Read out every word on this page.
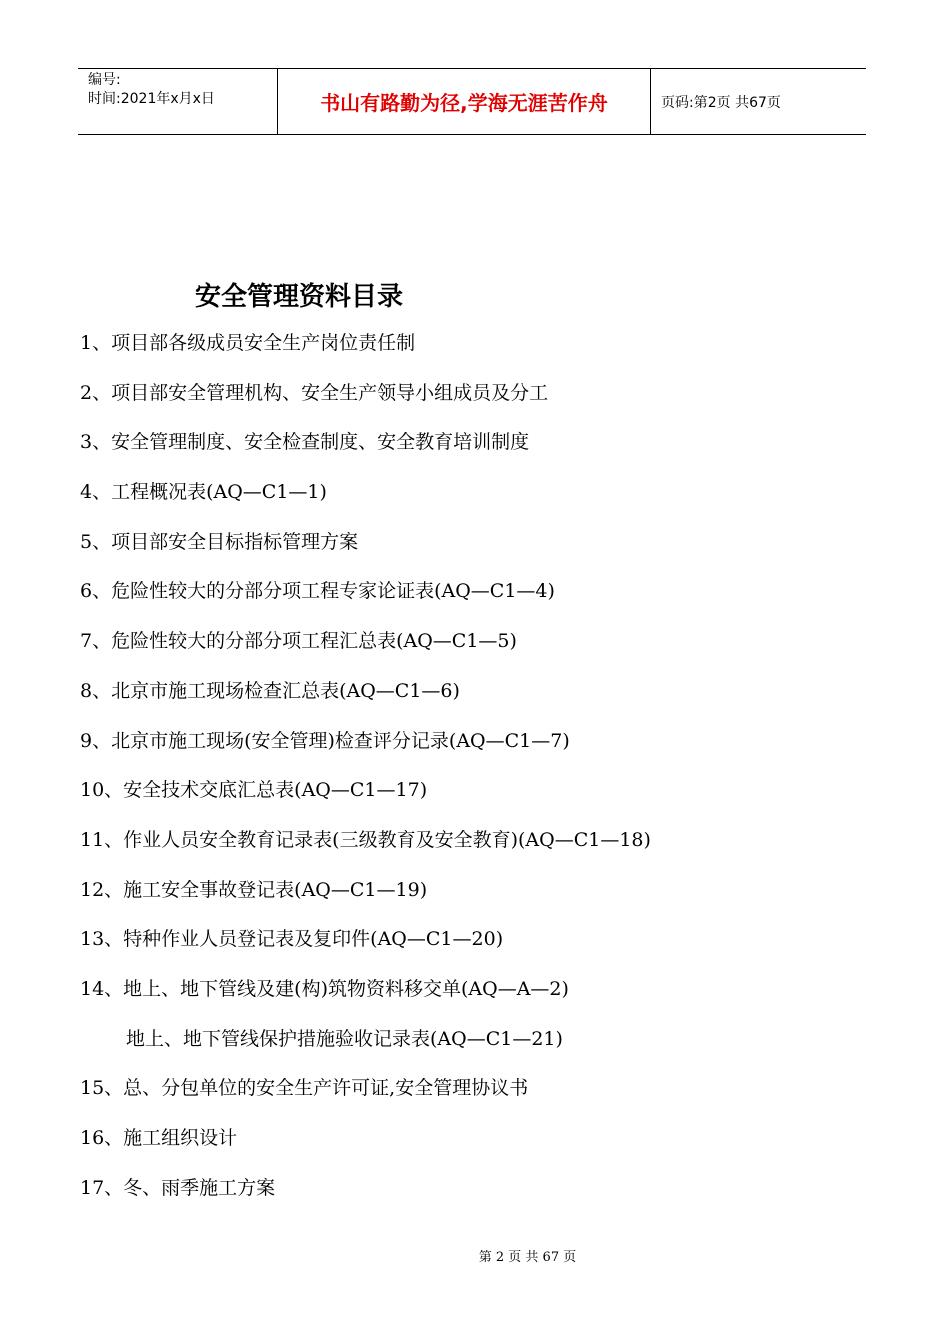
编号:
时间:2021年x月x日	书山有路勤为径,学海无涯苦作舟	页码:第2页 共67页
安全管理资料目录
1、项目部各级成员安全生产岗位责任制
2、项目部安全管理机构、安全生产领导小组成员及分工
3、安全管理制度、安全检查制度、安全教育培训制度
4、工程概况表(AQ—C1—1)
5、项目部安全目标指标管理方案
6、危险性较大的分部分项工程专家论证表(AQ—C1—4)
7、危险性较大的分部分项工程汇总表(AQ—C1—5)
8、北京市施工现场检查汇总表(AQ—C1—6)
9、北京市施工现场(安全管理)检查评分记录(AQ—C1—7)
10、安全技术交底汇总表(AQ—C1—17)
11、作业人员安全教育记录表(三级教育及安全教育)(AQ—C1—18)
12、施工安全事故登记表(AQ—C1—19)
13、特种作业人员登记表及复印件(AQ—C1—20)
14、地上、地下管线及建(构)筑物资料移交单(AQ—A—2)
地上、地下管线保护措施验收记录表(AQ—C1—21)
15、总、分包单位的安全生产许可证,安全管理协议书
16、施工组织设计
17、冬、雨季施工方案
第 2 页 共 67 页
